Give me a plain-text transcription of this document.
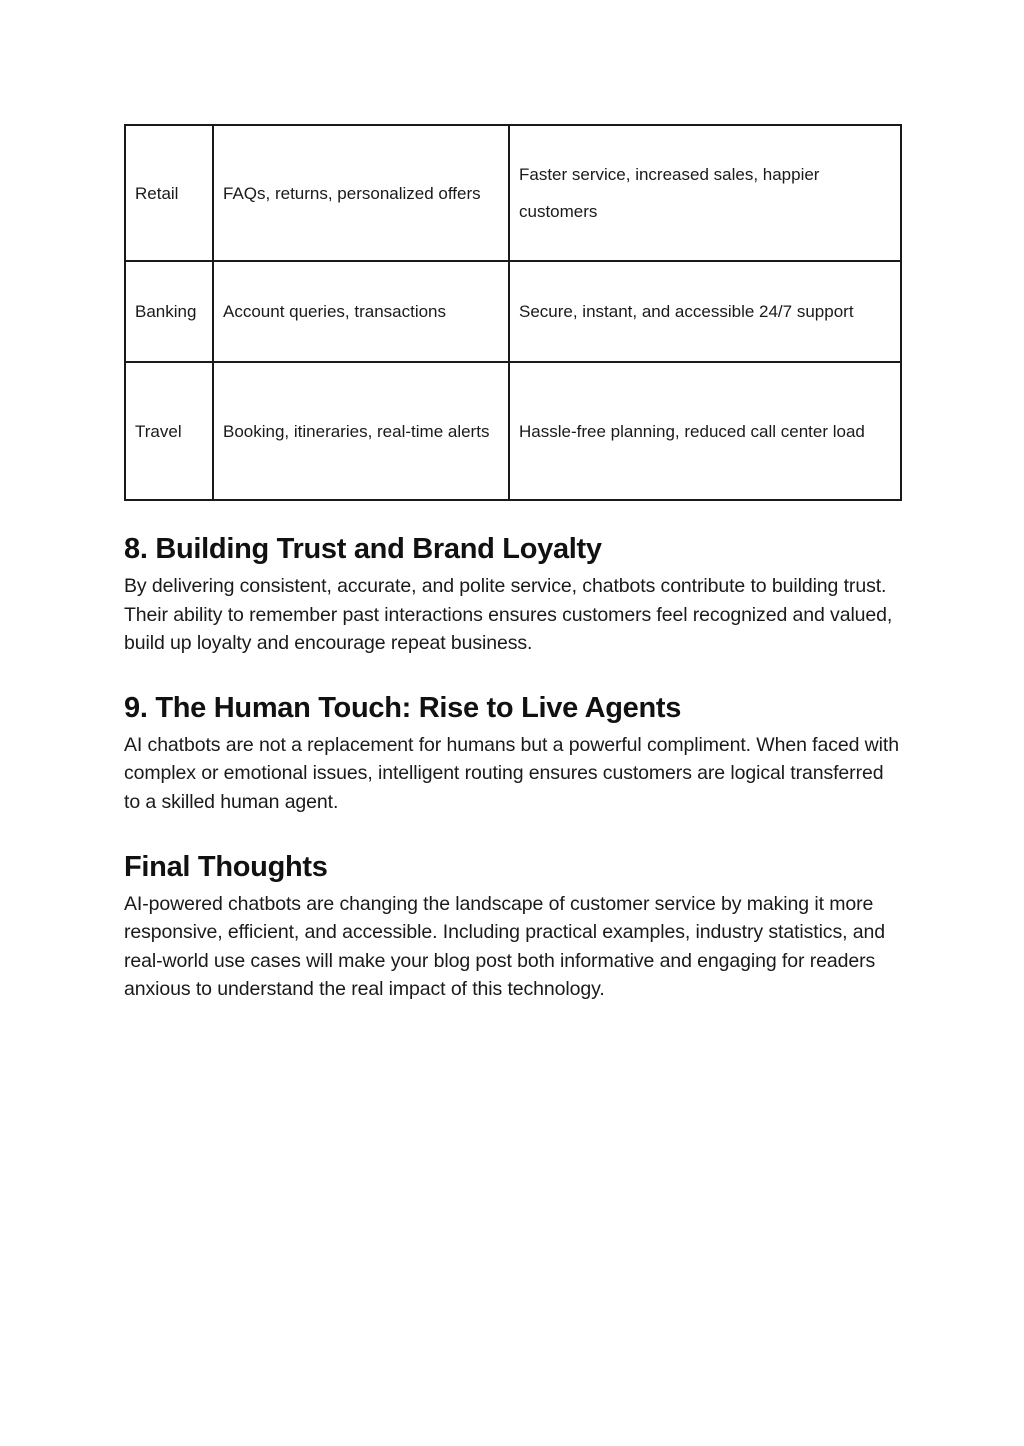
Retail	FAQs, returns, personalized offers	Faster service, increased sales, happier customers
Banking	Account queries, transactions	Secure, instant, and accessible 24/7 support
Travel	Booking, itineraries, real-time alerts	Hassle-free planning, reduced call center load
8. Building Trust and Brand Loyalty

By delivering consistent, accurate, and polite service, chatbots contribute to building trust. Their ability to remember past interactions ensures customers feel recognized and valued, build up loyalty and encourage repeat business.

9. The Human Touch: Rise to Live Agents

AI chatbots are not a replacement for humans but a powerful compliment. When faced with complex or emotional issues, intelligent routing ensures customers are logical transferred to a skilled human agent.

Final Thoughts

AI-powered chatbots are changing the landscape of customer service by making it more responsive, efficient, and accessible. Including practical examples, industry statistics, and real-world use cases will make your blog post both informative and engaging for readers anxious to understand the real impact of this technology.
